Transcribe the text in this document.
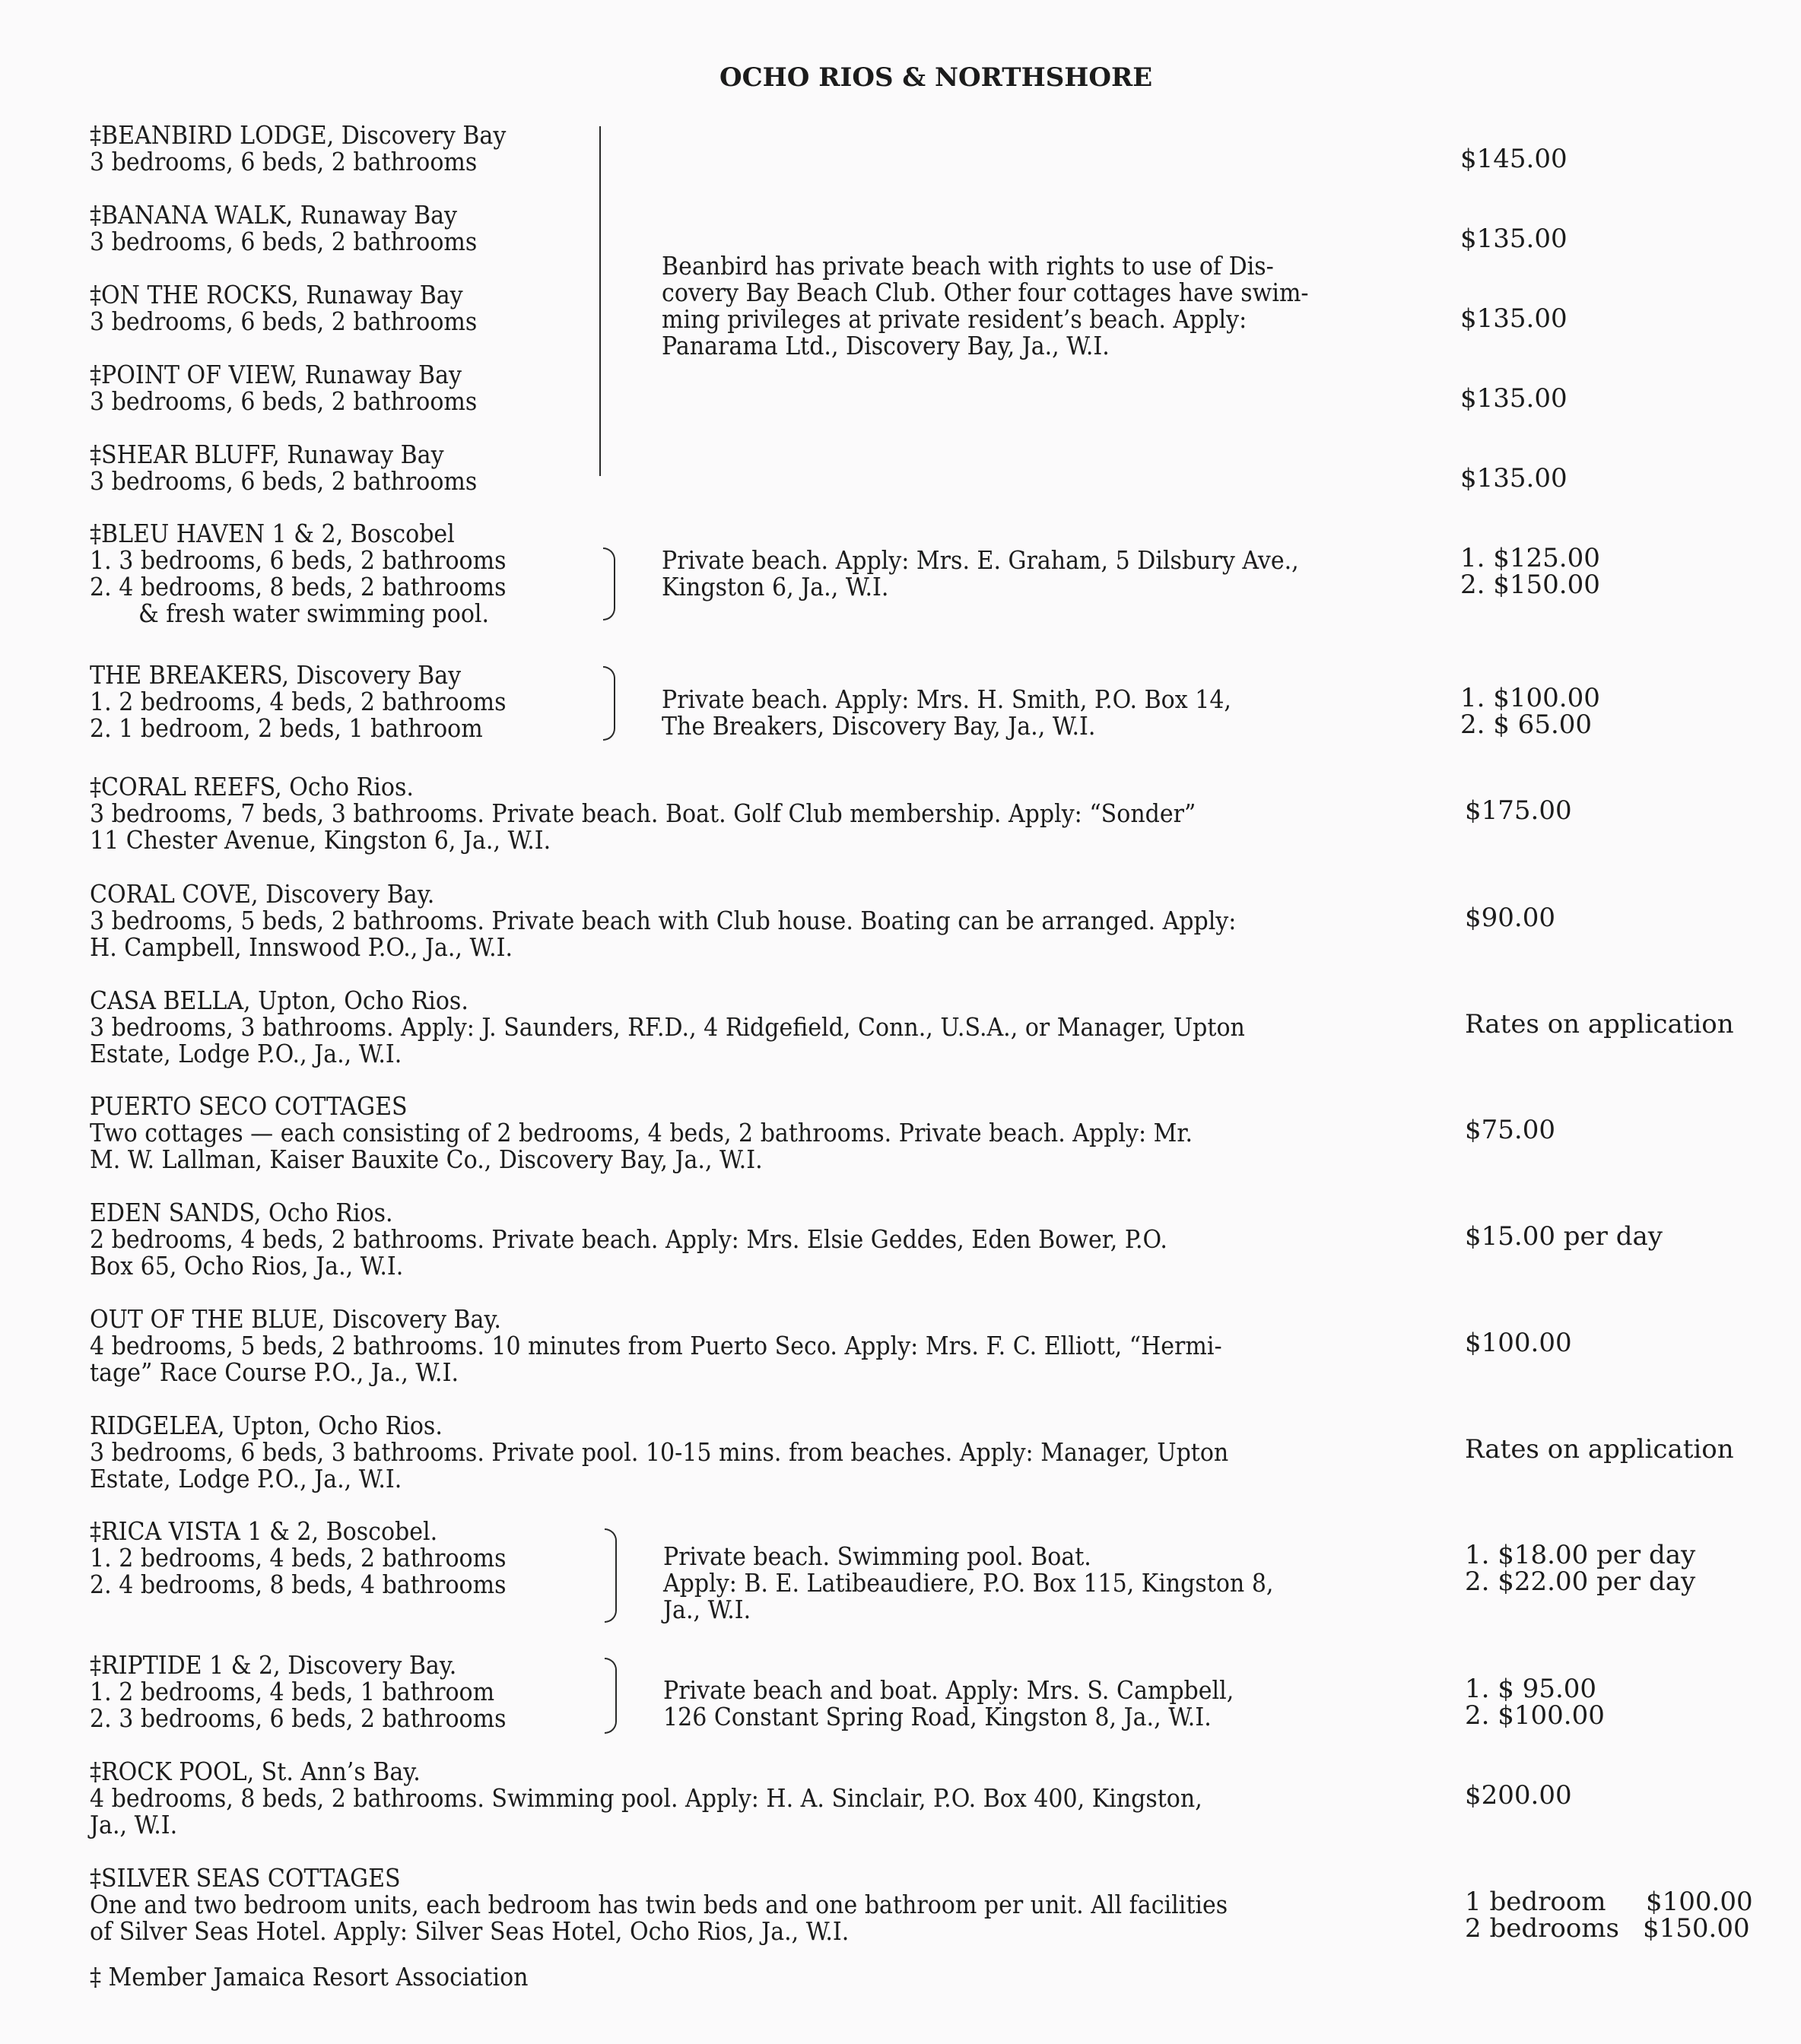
OCHO RIOS & NORTHSHORE
‡BEANBIRD LODGE, Discovery Bay
3 bedrooms, 6 beds, 2 bathrooms	$145.00
‡BANANA WALK, Runaway Bay
3 bedrooms, 6 beds, 2 bathrooms	$135.00
‡ON THE ROCKS, Runaway Bay
3 bedrooms, 6 beds, 2 bathrooms	$135.00
‡POINT OF VIEW, Runaway Bay
3 bedrooms, 6 beds, 2 bathrooms	$135.00
‡SHEAR BLUFF, Runaway Bay
3 bedrooms, 6 beds, 2 bathrooms	$135.00
Beanbird has private beach with rights to use of Dis-
covery Bay Beach Club. Other four cottages have swim-
ming privileges at private resident’s beach. Apply:
Panarama Ltd., Discovery Bay, Ja., W.I.
‡BLEU HAVEN 1 & 2, Boscobel
1. 3 bedrooms, 6 beds, 2 bathrooms
2. 4 bedrooms, 8 beds, 2 bathrooms
& fresh water swimming pool.
Private beach. Apply: Mrs. E. Graham, 5 Dilsbury Ave.,
Kingston 6, Ja., W.I.
1. $125.00
2. $150.00
THE BREAKERS, Discovery Bay
1. 2 bedrooms, 4 beds, 2 bathrooms
2. 1 bedroom, 2 beds, 1 bathroom
Private beach. Apply: Mrs. H. Smith, P.O. Box 14,
The Breakers, Discovery Bay, Ja., W.I.
1. $100.00
2. $ 65.00
‡CORAL REEFS, Ocho Rios.
3 bedrooms, 7 beds, 3 bathrooms. Private beach. Boat. Golf Club membership. Apply: “Sonder”
11 Chester Avenue, Kingston 6, Ja., W.I.
$175.00
CORAL COVE, Discovery Bay.
3 bedrooms, 5 beds, 2 bathrooms. Private beach with Club house. Boating can be arranged. Apply:
H. Campbell, Innswood P.O., Ja., W.I.
$90.00
CASA BELLA, Upton, Ocho Rios.
3 bedrooms, 3 bathrooms. Apply: J. Saunders, RF.D., 4 Ridgefield, Conn., U.S.A., or Manager, Upton
Estate, Lodge P.O., Ja., W.I.
Rates on application
PUERTO SECO COTTAGES
Two cottages — each consisting of 2 bedrooms, 4 beds, 2 bathrooms. Private beach. Apply: Mr.
M. W. Lallman, Kaiser Bauxite Co., Discovery Bay, Ja., W.I.
$75.00
EDEN SANDS, Ocho Rios.
2 bedrooms, 4 beds, 2 bathrooms. Private beach. Apply: Mrs. Elsie Geddes, Eden Bower, P.O.
Box 65, Ocho Rios, Ja., W.I.
$15.00 per day
OUT OF THE BLUE, Discovery Bay.
4 bedrooms, 5 beds, 2 bathrooms. 10 minutes from Puerto Seco. Apply: Mrs. F. C. Elliott, “Hermi-
tage” Race Course P.O., Ja., W.I.
$100.00
RIDGELEA, Upton, Ocho Rios.
3 bedrooms, 6 beds, 3 bathrooms. Private pool. 10-15 mins. from beaches. Apply: Manager, Upton
Estate, Lodge P.O., Ja., W.I.
Rates on application
‡RICA VISTA 1 & 2, Boscobel.
1. 2 bedrooms, 4 beds, 2 bathrooms
2. 4 bedrooms, 8 beds, 4 bathrooms
Private beach. Swimming pool. Boat.
Apply: B. E. Latibeaudiere, P.O. Box 115, Kingston 8,
Ja., W.I.
1. $18.00 per day
2. $22.00 per day
‡RIPTIDE 1 & 2, Discovery Bay.
1. 2 bedrooms, 4 beds, 1 bathroom
2. 3 bedrooms, 6 beds, 2 bathrooms
Private beach and boat. Apply: Mrs. S. Campbell,
126 Constant Spring Road, Kingston 8, Ja., W.I.
1. $ 95.00
2. $100.00
‡ROCK POOL, St. Ann’s Bay.
4 bedrooms, 8 beds, 2 bathrooms. Swimming pool. Apply: H. A. Sinclair, P.O. Box 400, Kingston,
Ja., W.I.
$200.00
‡SILVER SEAS COTTAGES
One and two bedroom units, each bedroom has twin beds and one bathroom per unit. All facilities
of Silver Seas Hotel. Apply: Silver Seas Hotel, Ocho Rios, Ja., W.I.
1 bedroom $100.00
2 bedrooms $150.00
‡ Member Jamaica Resort Association
